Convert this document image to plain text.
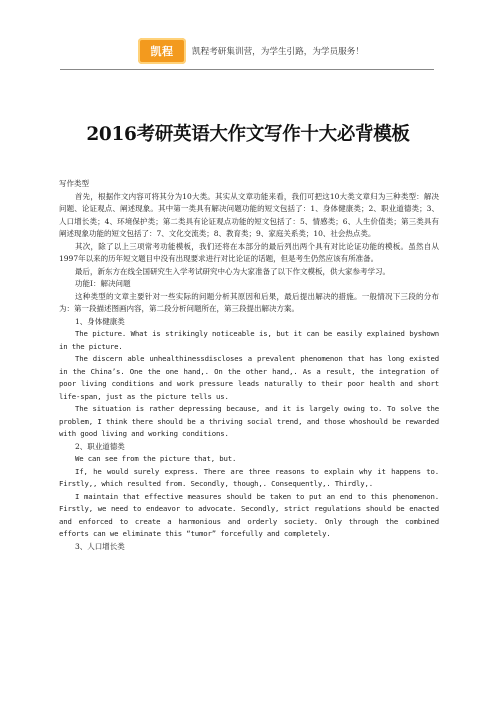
凯程 凯程考研集训营，为学生引路，为学员服务！
2016考研英语大作文写作十大必背模板

写作类型

首先，根据作文内容可将其分为10大类。其实从文章功能来看，我们可把这10大类文章归为三种类型：解决问题、论证观点、阐述现象。其中第一类具有解决问题功能的短文包括了：1、身体健康类；2、职业道德类；3、人口增长类；4、环境保护类；第二类具有论证观点功能的短文包括了：5、情感类；6、人生价值类；第三类具有阐述现象功能的短文包括了：7、文化交流类；8、教育类；9、家庭关系类；10、社会热点类。

其次，除了以上三项常考功能模板，我们还将在本部分的最后列出两个具有对比论证功能的模板。虽然自从1997年以来的历年短文题目中没有出现要求进行对比论证的话题，但是考生仍然应该有所准备。

最后，新东方在线全国研究生入学考试研究中心为大家准备了以下作文模板，供大家参考学习。

功能Ⅰ：解决问题

这种类型的文章主要针对一些实际的问题分析其原因和后果，最后提出解决的措施。一般情况下三段的分布为：第一段描述图画内容，第二段分析问题所在，第三段提出解决方案。

1、身体健康类

The picture. What is strikingly noticeable is, but it can be easily explained byshown in the picture.

The discern able unhealthinessdiscloses a prevalent phenomenon that has long existed in the China’s. One the one hand,. On the other hand,. As a result, the integration of poor living conditions and work pressure leads naturally to their poor health and short life-span, just as the picture tells us.

The situation is rather depressing because, and it is largely owing to. To solve the problem, I think there should be a thriving social trend, and those whoshould be rewarded with good living and working conditions.

2、职业道德类

We can see from the picture that, but.

If, he would surely express. There are three reasons to explain why it happens to. Firstly,, which resulted from. Secondly, though,. Consequently,. Thirdly,.

I maintain that effective measures should be taken to put an end to this phenomenon. Firstly, we need to endeavor to advocate. Secondly, strict regulations should be enacted and enforced to create a harmonious and orderly society. Only through the combined efforts can we eliminate this “tumor” forcefully and completely.

3、人口增长类
